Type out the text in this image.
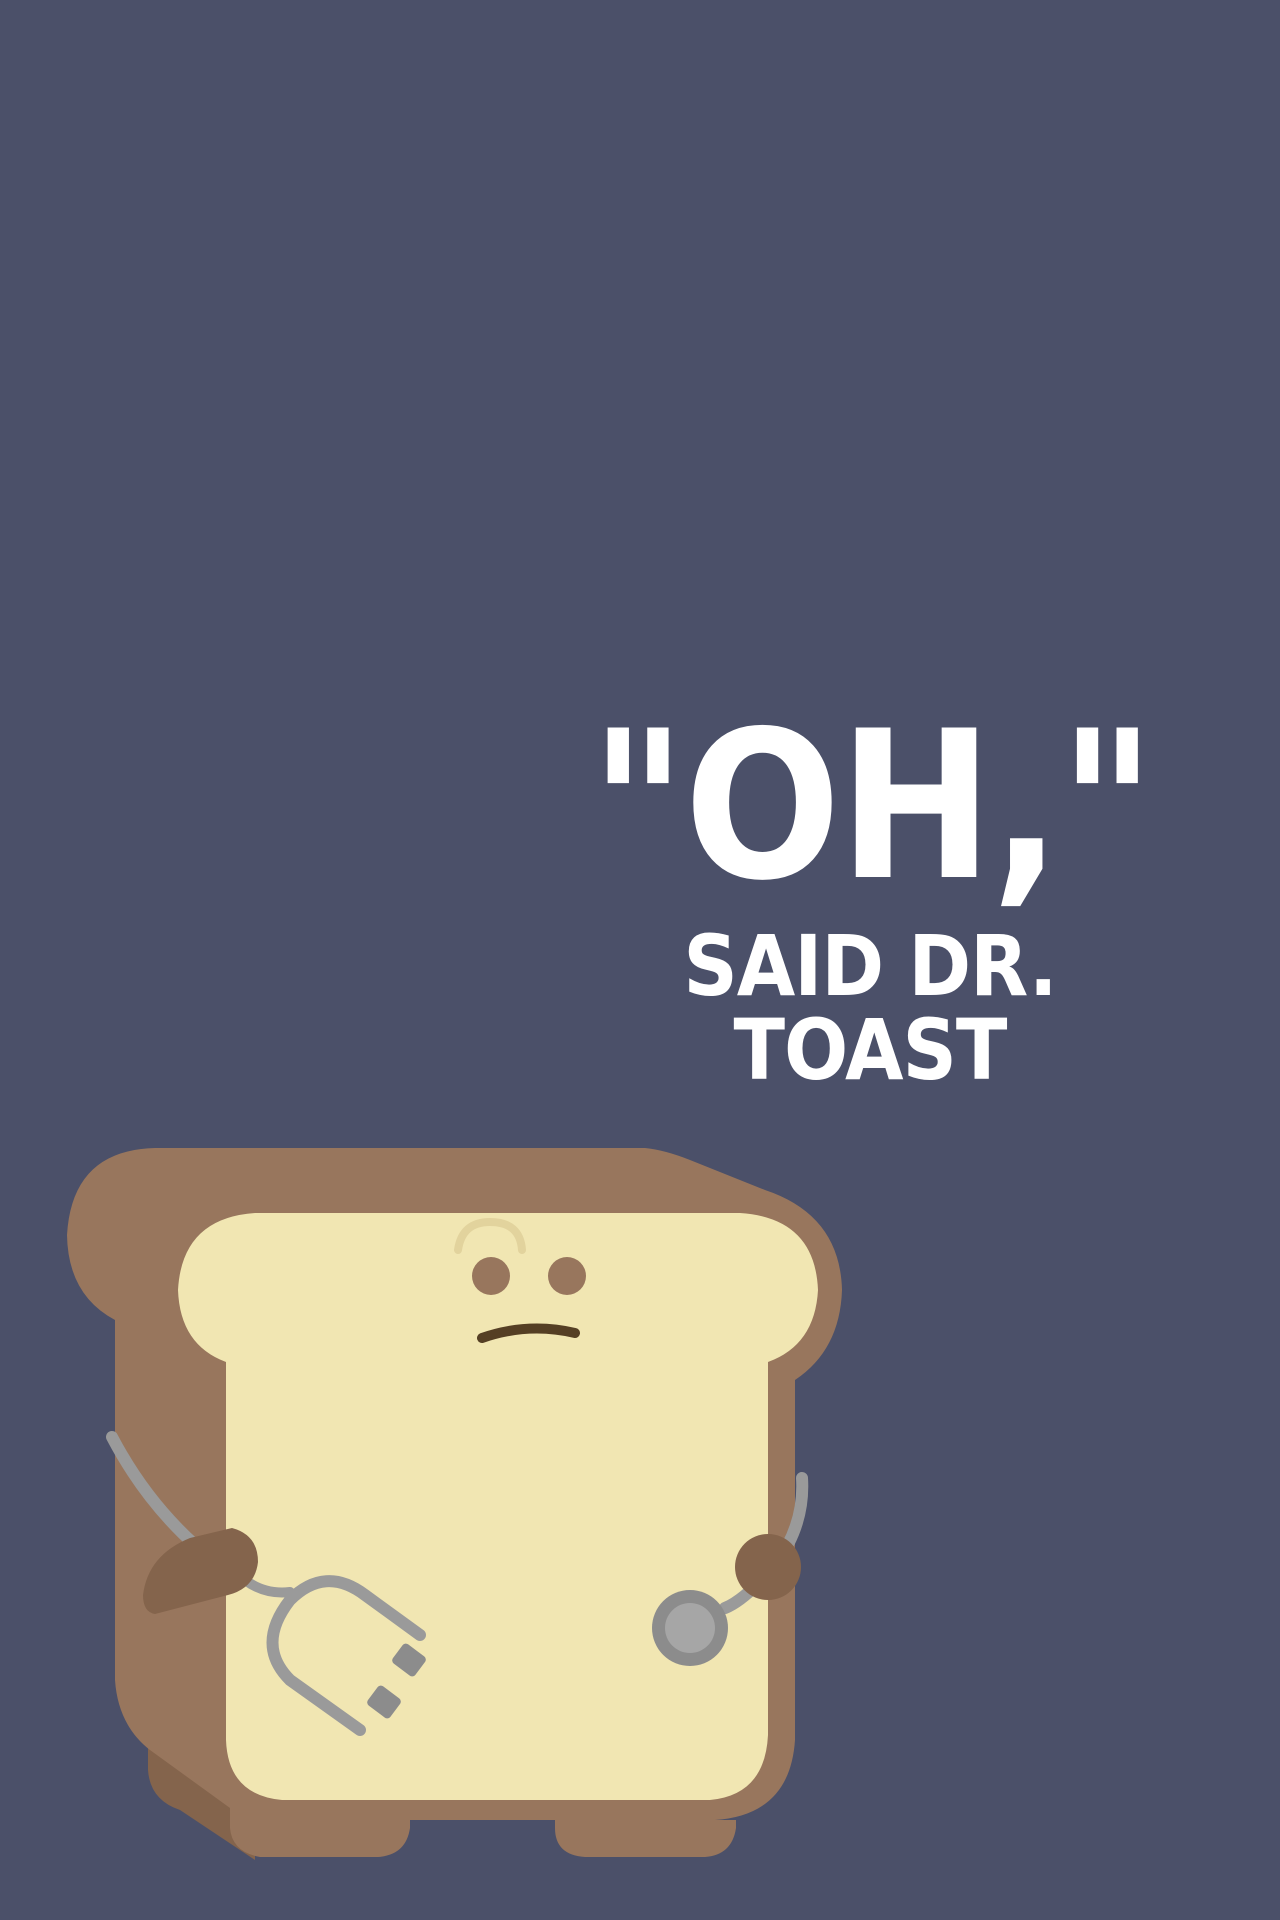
"OH,"
SAID DR. TOAST
